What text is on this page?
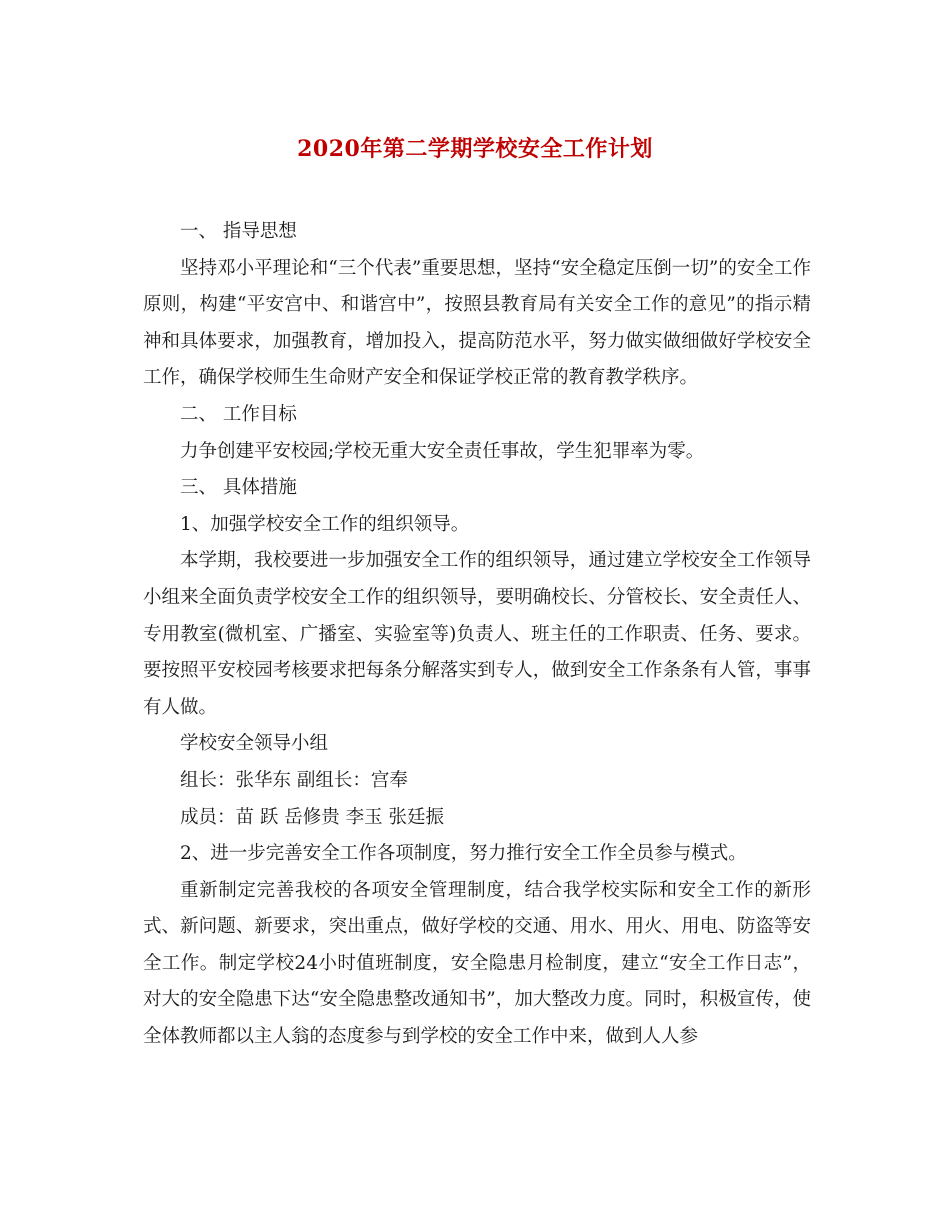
2020年第二学期学校安全工作计划

一、 指导思想

坚持邓小平理论和“三个代表”重要思想，坚持“安全稳定压倒一切”的安全工作原则，构建“平安宫中、和谐宫中”，按照县教育局有关安全工作的意见”的指示精神和具体要求，加强教育，增加投入，提高防范水平，努力做实做细做好学校安全工作，确保学校师生生命财产安全和保证学校正常的教育教学秩序。

二、 工作目标

力争创建平安校园;学校无重大安全责任事故，学生犯罪率为零。

三、 具体措施

1、加强学校安全工作的组织领导。

本学期，我校要进一步加强安全工作的组织领导，通过建立学校安全工作领导小组来全面负责学校安全工作的组织领导，要明确校长、分管校长、安全责任人、专用教室(微机室、广播室、实验室等)负责人、班主任的工作职责、任务、要求。要按照平安校园考核要求把每条分解落实到专人，做到安全工作条条有人管，事事有人做。

学校安全领导小组

组长：张华东 副组长：宫奉

成员：苗 跃 岳修贵 李玉 张廷振

2、进一步完善安全工作各项制度，努力推行安全工作全员参与模式。

重新制定完善我校的各项安全管理制度，结合我学校实际和安全工作的新形式、新问题、新要求，突出重点，做好学校的交通、用水、用火、用电、防盗等安全工作。制定学校24小时值班制度，安全隐患月检制度，建立“安全工作日志”，对大的安全隐患下达“安全隐患整改通知书”，加大整改力度。同时，积极宣传，使全体教师都以主人翁的态度参与到学校的安全工作中来，做到人人参
